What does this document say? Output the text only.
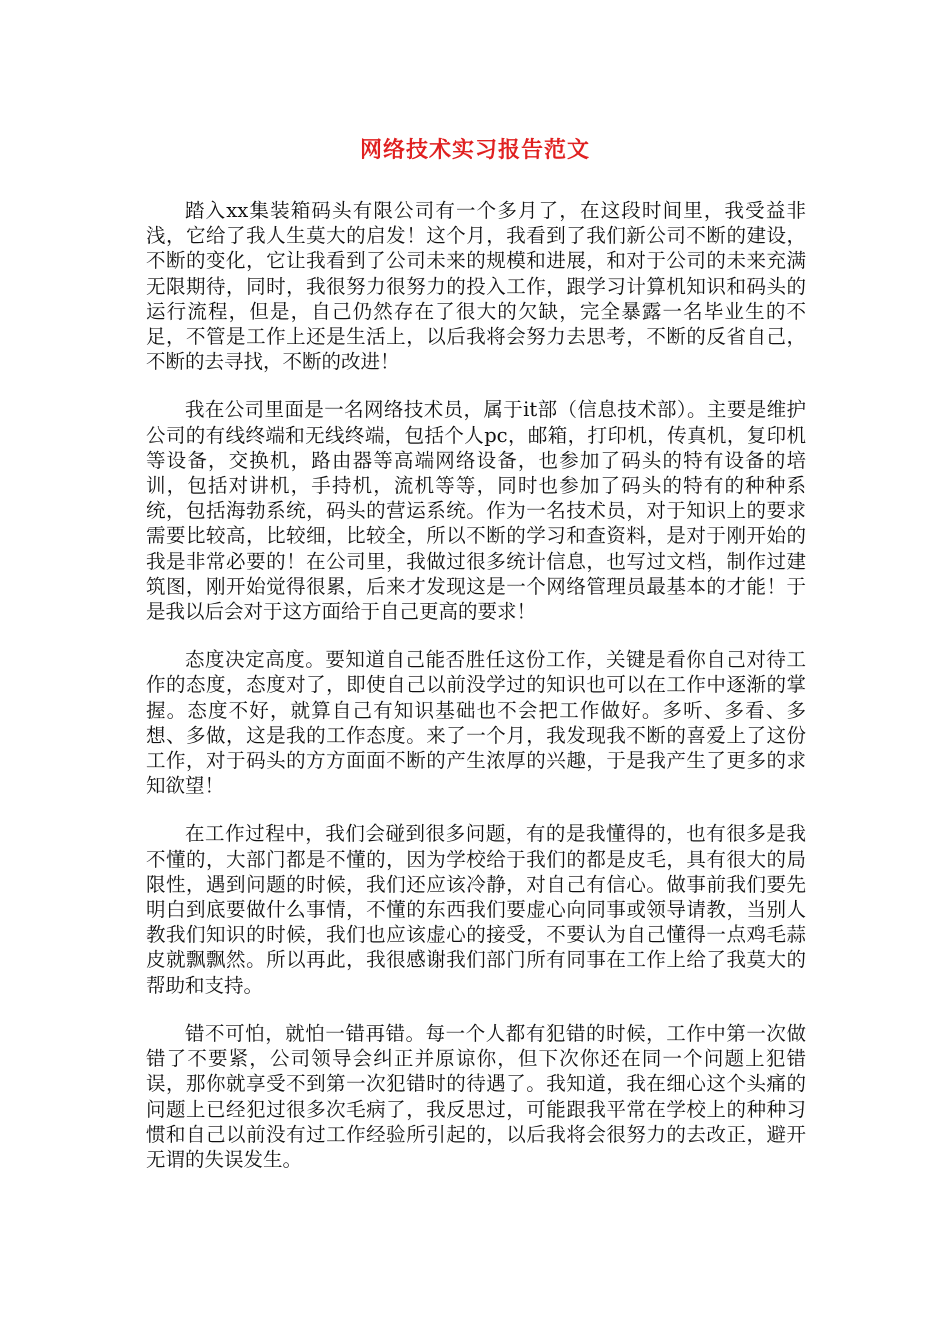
网络技术实习报告范文

踏入xx集装箱码头有限公司有一个多月了，在这段时间里，我受益非浅，它给了我人生莫大的启发！这个月，我看到了我们新公司不断的建设，不断的变化，它让我看到了公司未来的规模和进展，和对于公司的未来充满无限期待，同时，我很努力很努力的投入工作，跟学习计算机知识和码头的运行流程，但是，自己仍然存在了很大的欠缺，完全暴露一名毕业生的不足，不管是工作上还是生活上，以后我将会努力去思考，不断的反省自己，不断的去寻找，不断的改进！

我在公司里面是一名网络技术员，属于it部（信息技术部）。主要是维护公司的有线终端和无线终端，包括个人pc，邮箱，打印机，传真机，复印机等设备，交换机，路由器等高端网络设备，也参加了码头的特有设备的培训，包括对讲机，手持机，流机等等，同时也参加了码头的特有的种种系统，包括海勃系统，码头的营运系统。作为一名技术员，对于知识上的要求需要比较高，比较细，比较全，所以不断的学习和查资料，是对于刚开始的我是非常必要的！在公司里，我做过很多统计信息，也写过文档，制作过建筑图，刚开始觉得很累，后来才发现这是一个网络管理员最基本的才能！于是我以后会对于这方面给于自己更高的要求！

态度决定高度。要知道自己能否胜任这份工作，关键是看你自己对待工作的态度，态度对了，即使自己以前没学过的知识也可以在工作中逐渐的掌握。态度不好，就算自己有知识基础也不会把工作做好。多听、多看、多想、多做，这是我的工作态度。来了一个月，我发现我不断的喜爱上了这份工作，对于码头的方方面面不断的产生浓厚的兴趣，于是我产生了更多的求知欲望！

在工作过程中，我们会碰到很多问题，有的是我懂得的，也有很多是我不懂的，大部门都是不懂的，因为学校给于我们的都是皮毛，具有很大的局限性，遇到问题的时候，我们还应该冷静，对自己有信心。做事前我们要先明白到底要做什么事情，不懂的东西我们要虚心向同事或领导请教，当别人教我们知识的时候，我们也应该虚心的接受，不要认为自己懂得一点鸡毛蒜皮就飘飘然。所以再此，我很感谢我们部门所有同事在工作上给了我莫大的帮助和支持。

错不可怕，就怕一错再错。每一个人都有犯错的时候，工作中第一次做错了不要紧，公司领导会纠正并原谅你，但下次你还在同一个问题上犯错误，那你就享受不到第一次犯错时的待遇了。我知道，我在细心这个头痛的问题上已经犯过很多次毛病了，我反思过，可能跟我平常在学校上的种种习惯和自己以前没有过工作经验所引起的，以后我将会很努力的去改正，避开无谓的失误发生。
